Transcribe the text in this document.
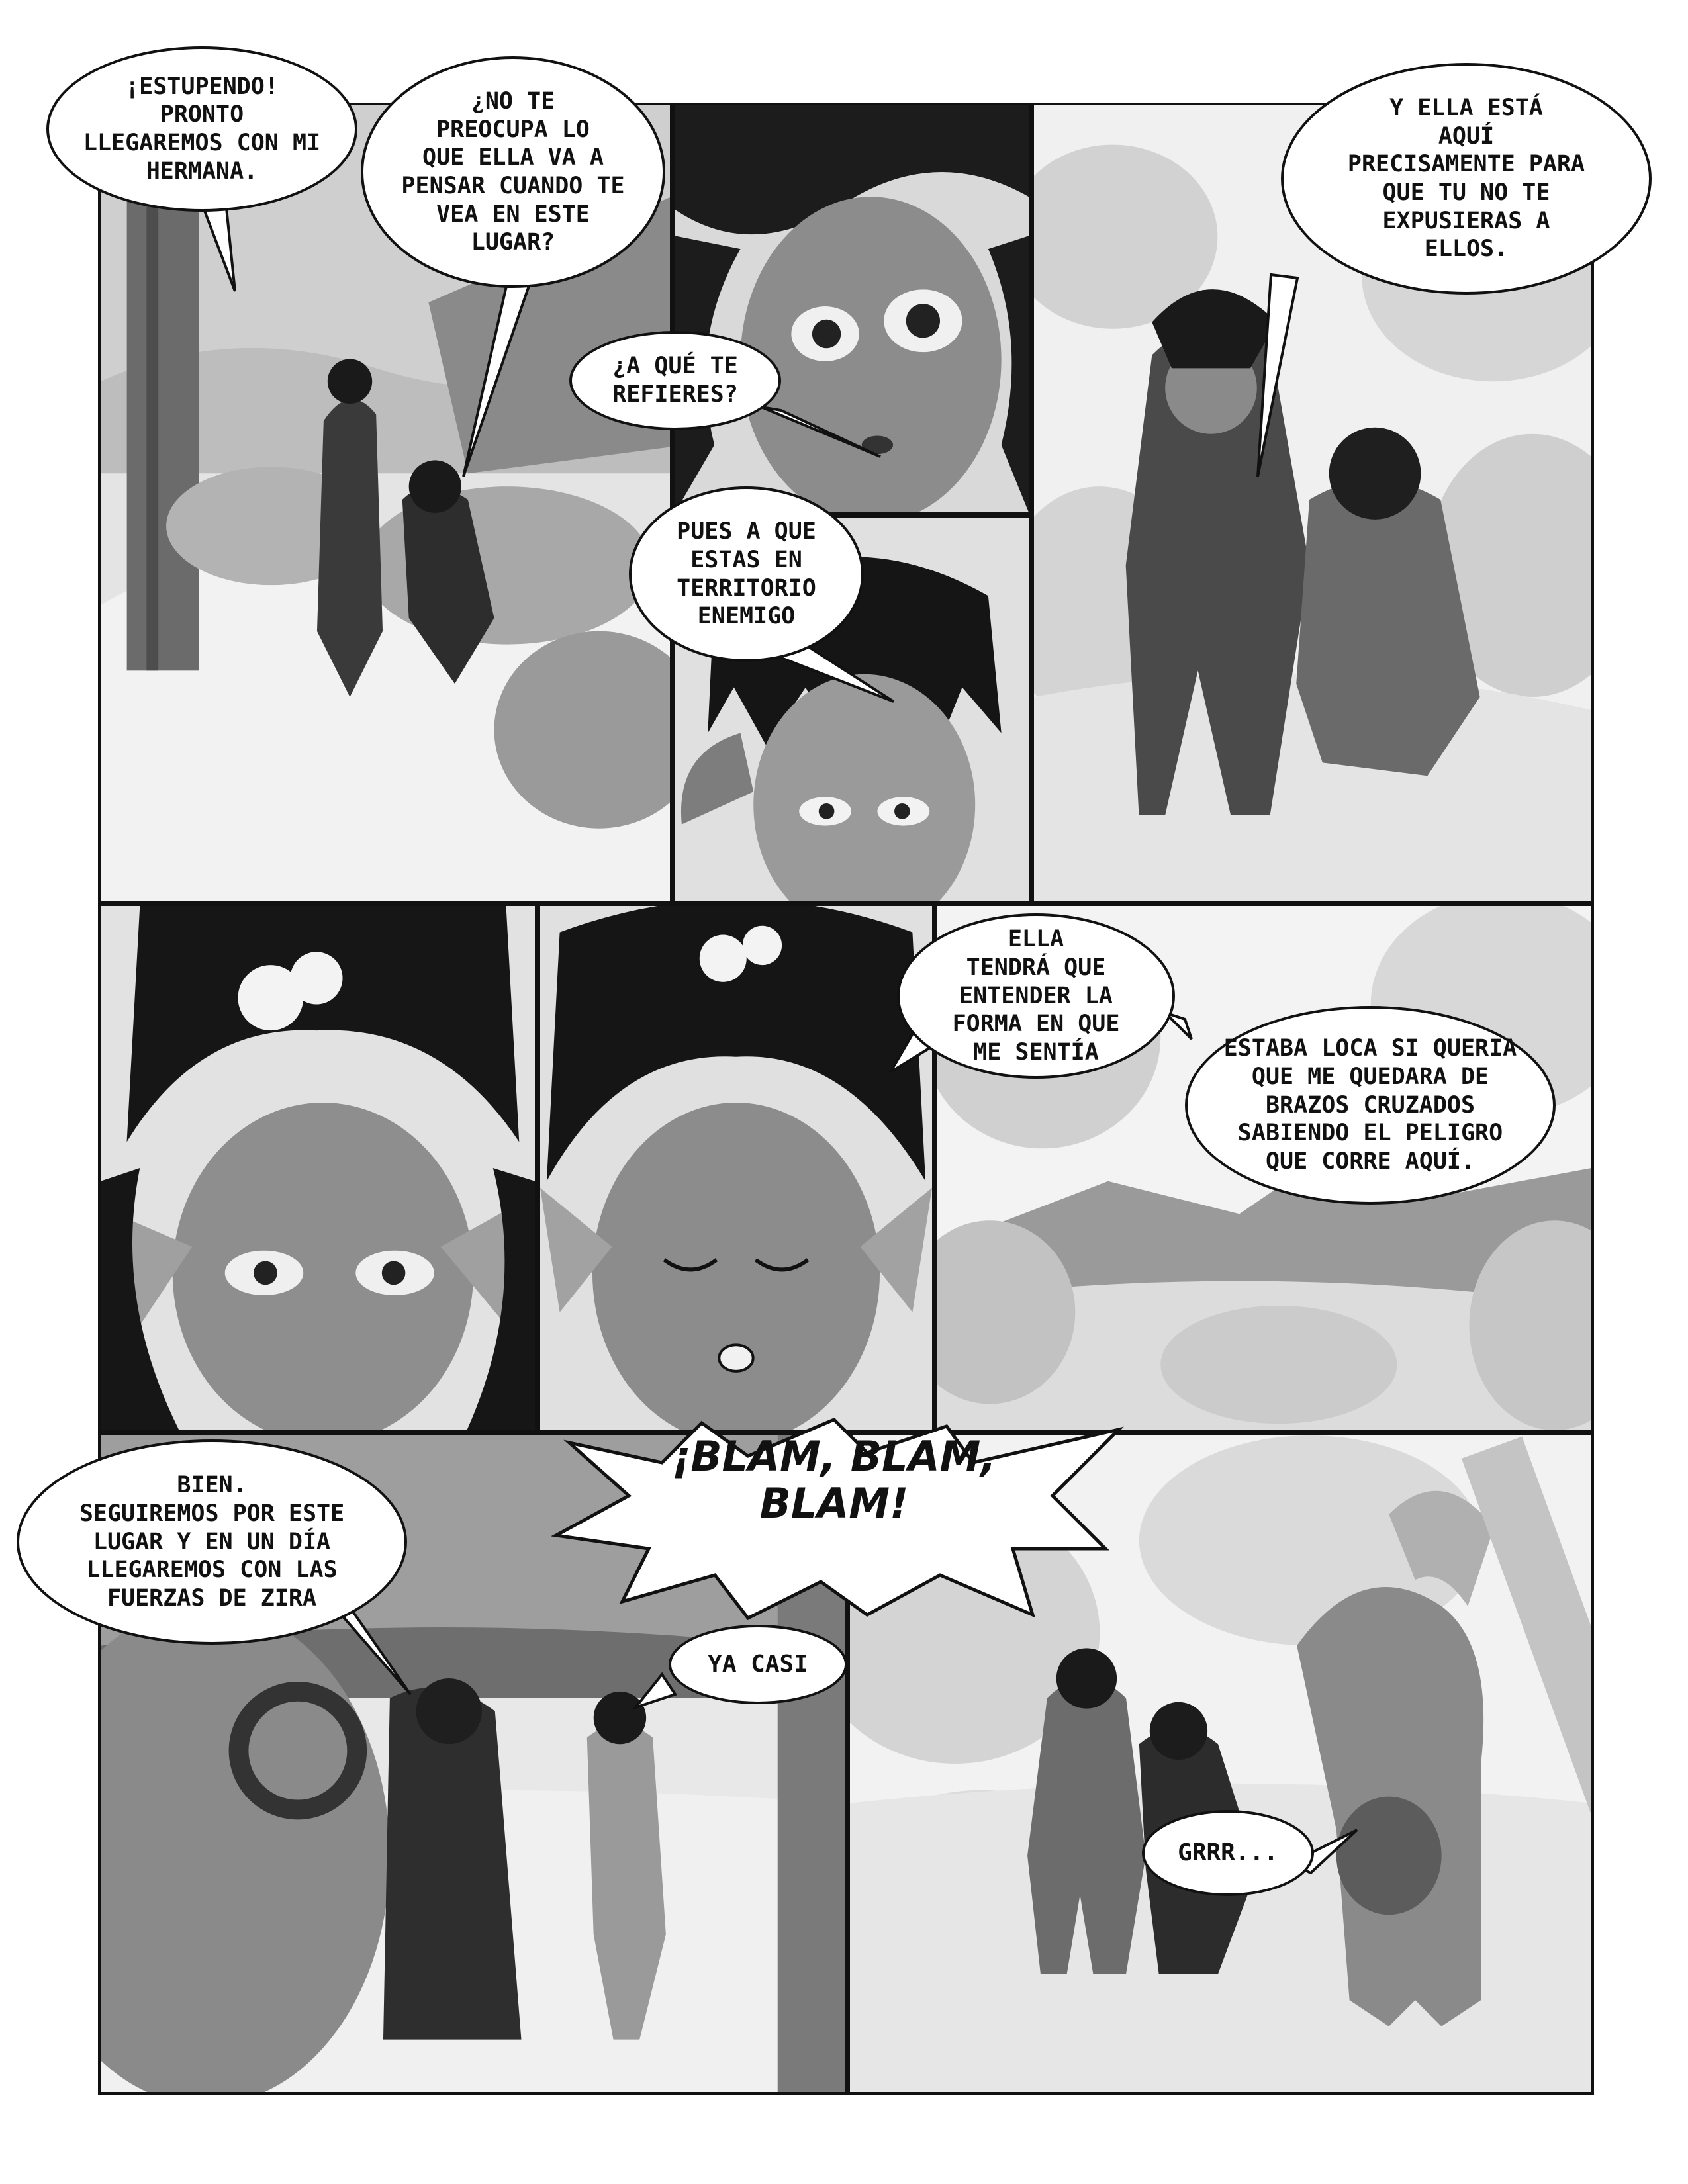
¡ESTUPENDO!
PRONTO
LLEGAREMOS CON MI
HERMANA.
¿NO TE
PREOCUPA LO
QUE ELLA VA A
PENSAR CUANDO TE
VEA EN ESTE
LUGAR?
¿A QUÉ TE
REFIERES?
PUES A QUE
ESTAS EN
TERRITORIO
ENEMIGO
Y ELLA ESTÁ
AQUÍ
PRECISAMENTE PARA
QUE TU NO TE
EXPUSIERAS A
ELLOS.
ELLA
TENDRÁ QUE
ENTENDER LA
FORMA EN QUE
ME SENTÍA	ESTABA LOCA SI QUERIA
QUE ME QUEDARA DE
BRAZOS CRUZADOS
SABIENDO EL PELIGRO
QUE CORRE AQUÍ.
BIEN.
SEGUIREMOS POR ESTE
LUGAR Y EN UN DÍA
LLEGAREMOS CON LAS
FUERZAS DE ZIRA
YA CASI
GRRR...
¡BLAM, BLAM,
BLAM!
